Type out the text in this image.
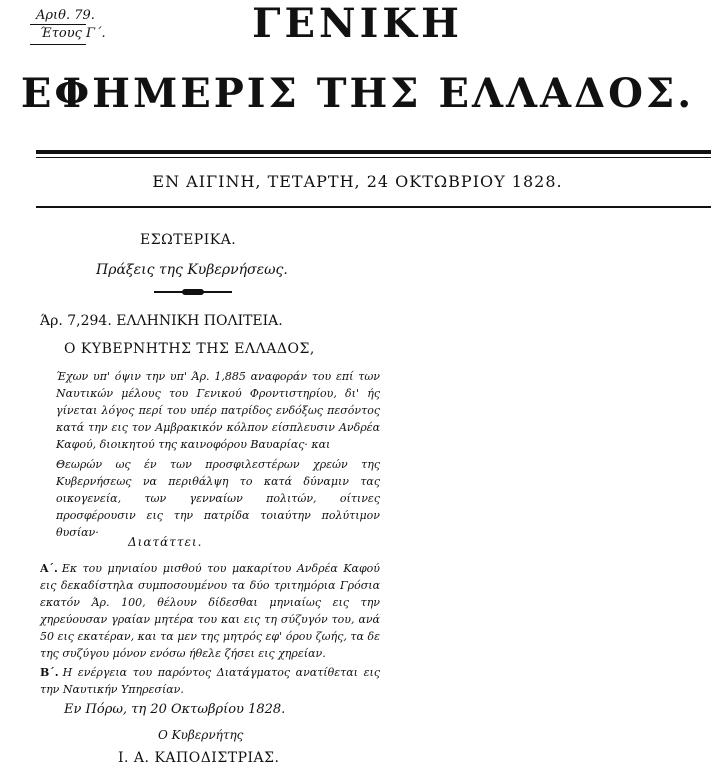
Αριθ. 79.
Έτους Γ΄.	ΓΕΝΙΚΗ
ΕΦΗΜΕΡΙΣ ΤΗΣ ΕΛΛΑΔΟΣ.
ΕΝ ΑΙΓΙΝΗ, ΤΕΤΑΡΤΗ, 24 ΟΚΤΩΒΡΙΟΥ 1828.
ΕΣΩΤΕΡΙΚΑ.
Πράξεις της Κυβερνήσεως.
Άρ. 7,294. ΕΛΛΗΝΙΚΗ ΠΟΛΙΤΕΙΑ.
Ο ΚΥΒΕΡΝΗΤΗΣ ΤΗΣ ΕΛΛΑΔΟΣ,
Έχων υπ' όψιν την υπ' Άρ. 1,885 αναφοράν του επί των Ναυτικών μέλους του Γενικού Φροντιστηρίου, δι' ής γίνεται λόγος περί του υπέρ πατρίδος ενδόξως πεσόντος κατά την εις τον Αμβρακικόν κόλπον είσπλευσιν Ανδρέα Καφού, διοικητού της καινοφόρου Βαυαρίας· και
Θεωρών ως έν των προσφιλεστέρων χρεών της Κυβερνήσεως να περιθάλψη το κατά δύναμιν τας οικογενεία, των γενναίων πολιτών, οίτινες προσφέρουσιν εις την πατρίδα τοιαύτην πολύτιμον θυσίαν·
Διατάττει.
Α΄. Εκ του μηνιαίου μισθού του μακαρίτου Ανδρέα Καφού εις δεκαδίστηλα συμποσουμένου τα δύο τριτημόρια Γρόσια εκατόν Άρ. 100, θέλουν δίδεσθαι μηνιαίως εις την χηρεύουσαν γραίαν μητέρα του και εις τη σύζυγόν του, ανά 50 εις εκατέραν, και τα μεν της μητρός εφ' όρου ζωής, τα δε της συζύγου μόνον ενόσω ήθελε ζήσει εις χηρείαν.
Β΄. Η ενέργεια του παρόντος Διατάγματος ανατίθεται εις την Ναυτικήν Υπηρεσίαν.
Εν Πόρω, τη 20 Οκτωβρίου 1828.
Ο Κυβερνήτης
Ι. Α. ΚΑΠΟΔΙΣΤΡΙΑΣ.
